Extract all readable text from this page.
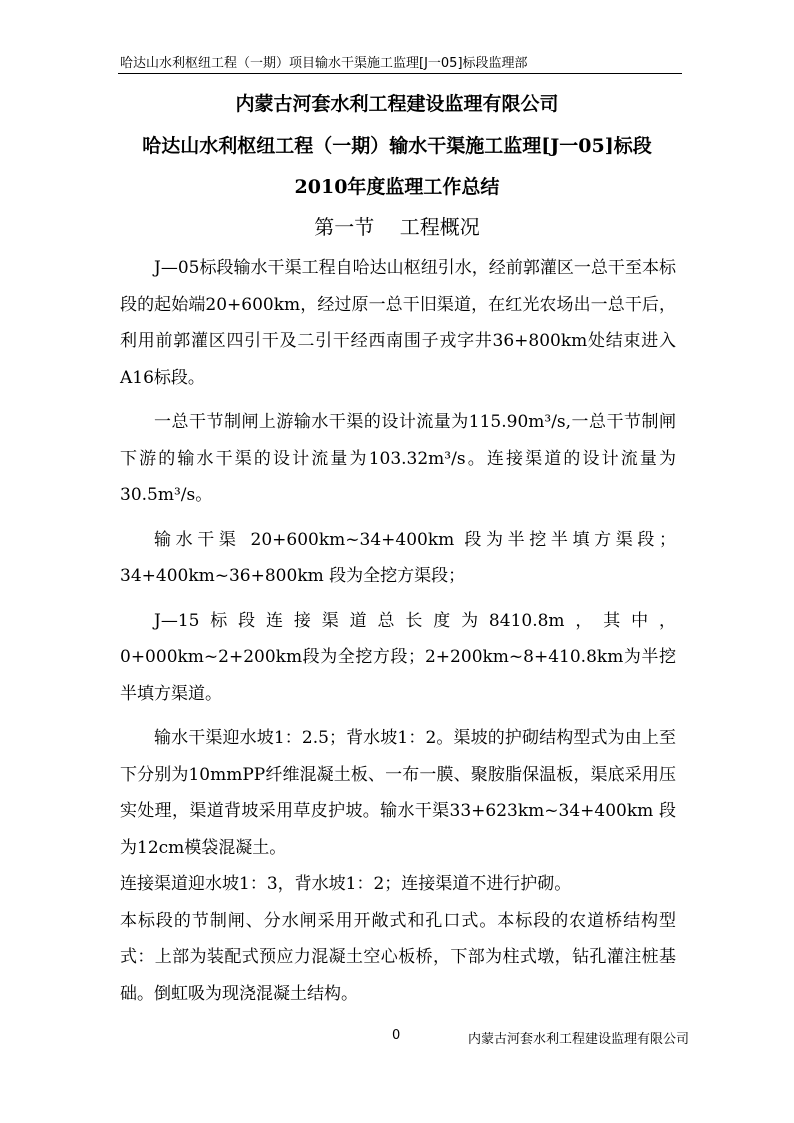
哈达山水利枢纽工程（一期）项目输水干渠施工监理[J一05]标段监理部
内蒙古河套水利工程建设监理有限公司
哈达山水利枢纽工程（一期）输水干渠施工监理[J一05]标段
2010年度监理工作总结
第一节    工程概况

J—05标段输水干渠工程自哈达山枢纽引水，经前郭灌区一总干至本标段的起始端20+600km，经过原一总干旧渠道，在红光农场出一总干后，利用前郭灌区四引干及二引干经西南围子戎字井36+800km处结束进入A16标段。

一总干节制闸上游输水干渠的设计流量为115.90m³/s,一总干节制闸下游的输水干渠的设计流量为103.32m³/s。连接渠道的设计流量为30.5m³/s。

输水干渠 20+600km~34+400km 段为半挖半填方渠段；34+400km~36+800km 段为全挖方渠段；

J—15标段连接渠道总长度为8410.8m，其中，0+000km~2+200km段为全挖方段；2+200km~8+410.8km为半挖半填方渠道。

输水干渠迎水坡1：2.5；背水坡1：2。渠坡的护砌结构型式为由上至下分别为10mmPP纤维混凝土板、一布一膜、聚胺脂保温板，渠底采用压实处理，渠道背坡采用草皮护坡。输水干渠33+623km~34+400km 段为12cm模袋混凝土。

连接渠道迎水坡1：3，背水坡1：2；连接渠道不进行护砌。

本标段的节制闸、分水闸采用开敞式和孔口式。本标段的农道桥结构型式：上部为装配式预应力混凝土空心板桥，下部为柱式墩，钻孔灌注桩基础。倒虹吸为现浇混凝土结构。

0	内蒙古河套水利工程建设监理有限公司
